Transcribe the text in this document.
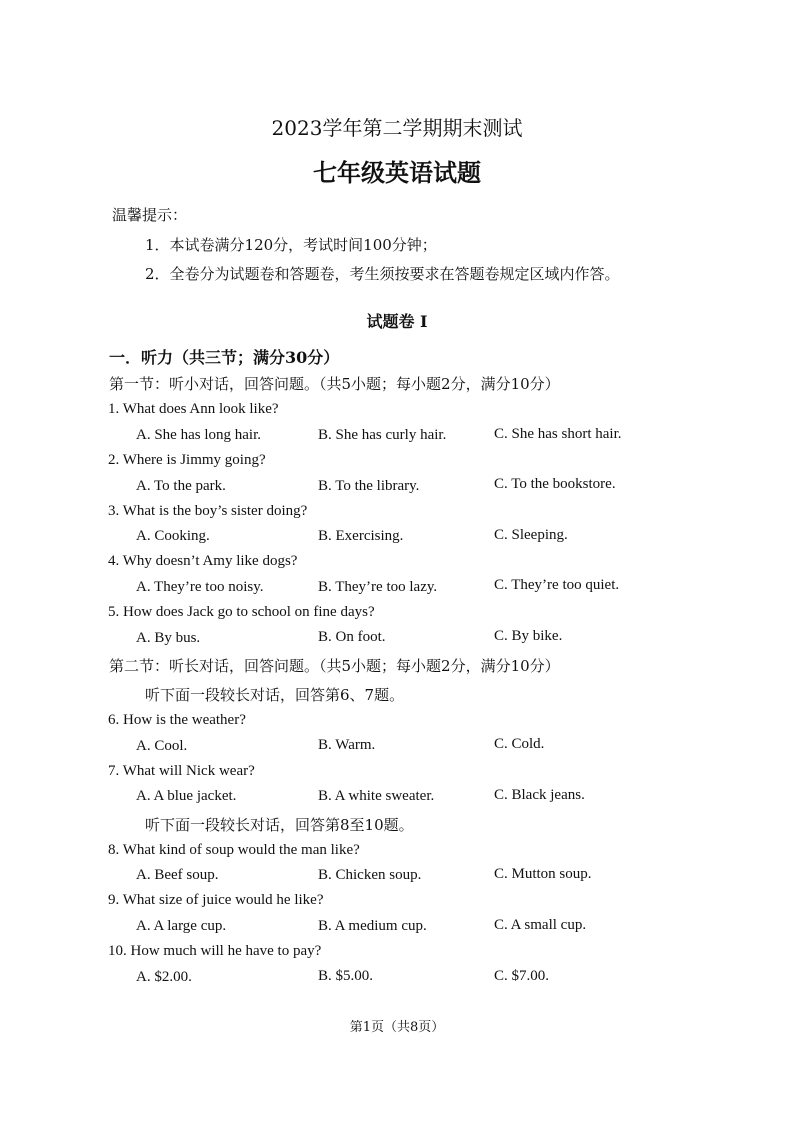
2023学年第二学期期末测试
七年级英语试题
温馨提示：
1．本试卷满分120分，考试时间100分钟；
2．全卷分为试题卷和答题卷，考生须按要求在答题卷规定区域内作答。
试题卷 I
一．听力（共三节；满分30分）
第一节：听小对话，回答问题。（共5小题；每小题2分，满分10分）
1. What does Ann look like?
A. She has long hair.	B. She has curly hair.	C. She has short hair.
2. Where is Jimmy going?
A. To the park.	B. To the library.	C. To the bookstore.
3. What is the boy’s sister doing?
A. Cooking.	B. Exercising.	C. Sleeping.
4. Why doesn’t Amy like dogs?
A. They’re too noisy.	B. They’re too lazy.	C. They’re too quiet.
5. How does Jack go to school on fine days?
A. By bus.	B. On foot.	C. By bike.
第二节：听长对话，回答问题。（共5小题；每小题2分，满分10分）
听下面一段较长对话，回答第6、7题。
6. How is the weather?
A. Cool.	B. Warm.	C. Cold.
7. What will Nick wear?
A. A blue jacket.	B. A white sweater.	C. Black jeans.
听下面一段较长对话，回答第8至10题。
8. What kind of soup would the man like?
A. Beef soup.	B. Chicken soup.	C. Mutton soup.
9. What size of juice would he like?
A. A large cup.	B. A medium cup.	C. A small cup.
10. How much will he have to pay?
A. $2.00.	B. $5.00.	C. $7.00.
第1页（共8页）
